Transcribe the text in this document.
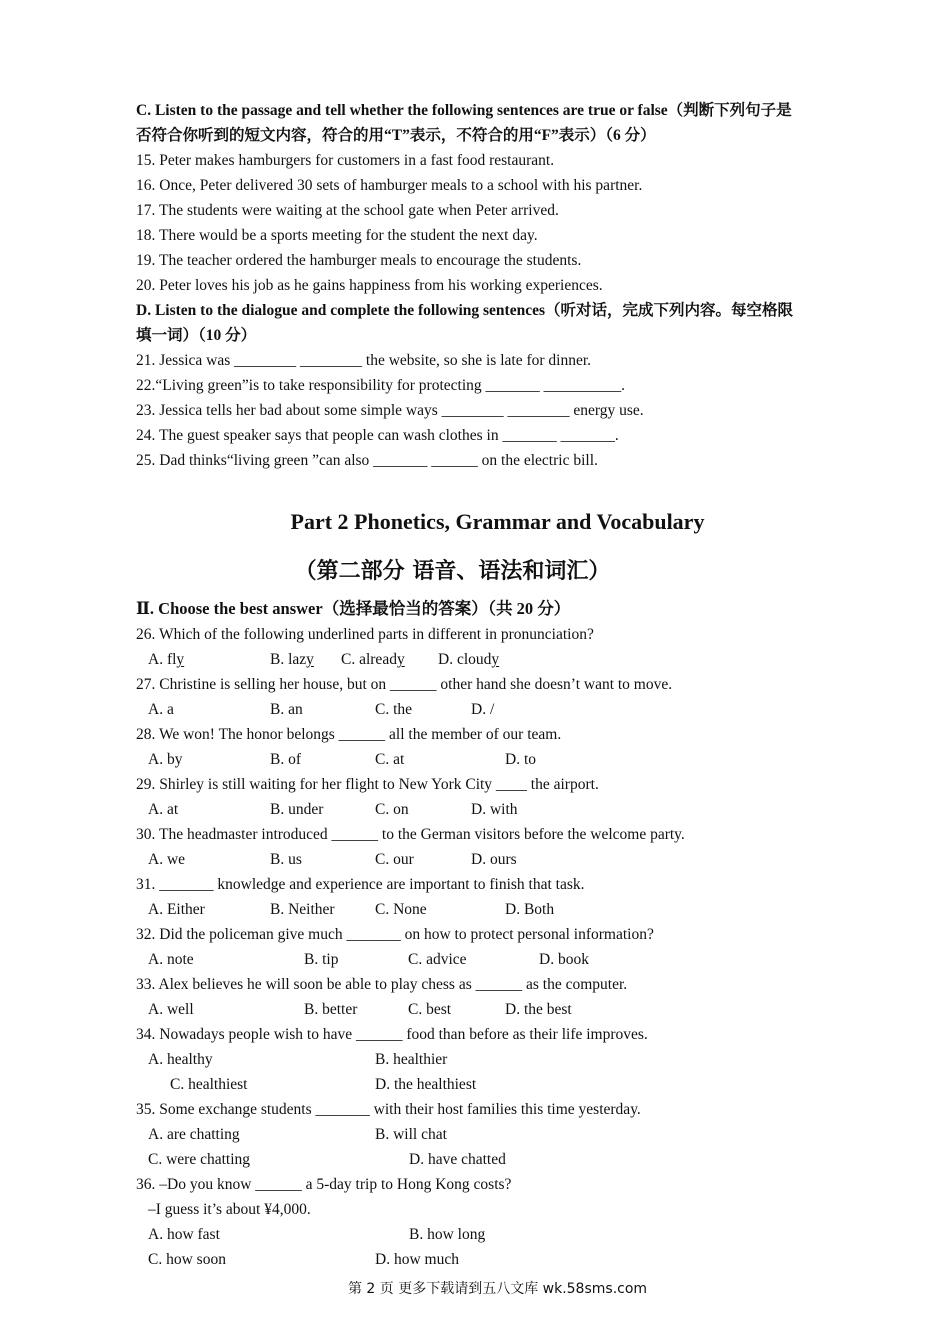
C. Listen to the passage and tell whether the following sentences are true or false（判断下列句子是
否符合你听到的短文内容，符合的用“T”表示，不符合的用“F”表示）（6 分）
15. Peter makes hamburgers for customers in a fast food restaurant.
16. Once, Peter delivered 30 sets of hamburger meals to a school with his partner.
17. The students were waiting at the school gate when Peter arrived.
18. There would be a sports meeting for the student the next day.
19. The teacher ordered the hamburger meals to encourage the students.
20. Peter loves his job as he gains happiness from his working experiences.
D. Listen to the dialogue and complete the following sentences（听对话，完成下列内容。每空格限
填一词）（10 分）
21. Jessica was ________ ________ the website, so she is late for dinner.
22.“Living green”is to take responsibility for protecting _______ __________.
23. Jessica tells her bad about some simple ways ________ ________ energy use.
24. The guest speaker says that people can wash clothes in _______ _______.
25. Dad thinks“living green ”can also _______ ______ on the electric bill.
Part 2 Phonetics, Grammar and Vocabulary
（第二部分 语音、语法和词汇）
Ⅱ. Choose the best answer（选择最恰当的答案）（共 20 分）
26. Which of the following underlined parts in different in pronunciation?
A. fly	B. lazy C. already D. cloudy
27. Christine is selling her house, but on ______ other hand she doesn’t want to move.
A. a	B. an	C. the	D. /
28. We won! The honor belongs ______ all the member of our team.
A. by	B. of	C. at	D. to
29. Shirley is still waiting for her flight to New York City ____ the airport.
A. at	B. under	C. on	D. with
30. The headmaster introduced ______ to the German visitors before the welcome party.
A. we	B. us	C. our	D. ours
31. _______ knowledge and experience are important to finish that task.
A. Either	B. Neither	C. None	D. Both
32. Did the policeman give much _______ on how to protect personal information?
A. note	B. tip	C. advice	D. book
33. Alex believes he will soon be able to play chess as ______ as the computer.
A. well	B. better	C. best	D. the best
34. Nowadays people wish to have ______ food than before as their life improves.
A. healthy	B. healthier
C. healthiest	D. the healthiest
35. Some exchange students _______ with their host families this time yesterday.
A. are chatting	B. will chat
C. were chatting	D. have chatted
36. –Do you know ______ a 5-day trip to Hong Kong costs?
–I guess it’s about ¥4,000.
A. how fast	B. how long
C. how soon	D. how much
第 2 页 更多下载请到五八文库 wk.58sms.com
